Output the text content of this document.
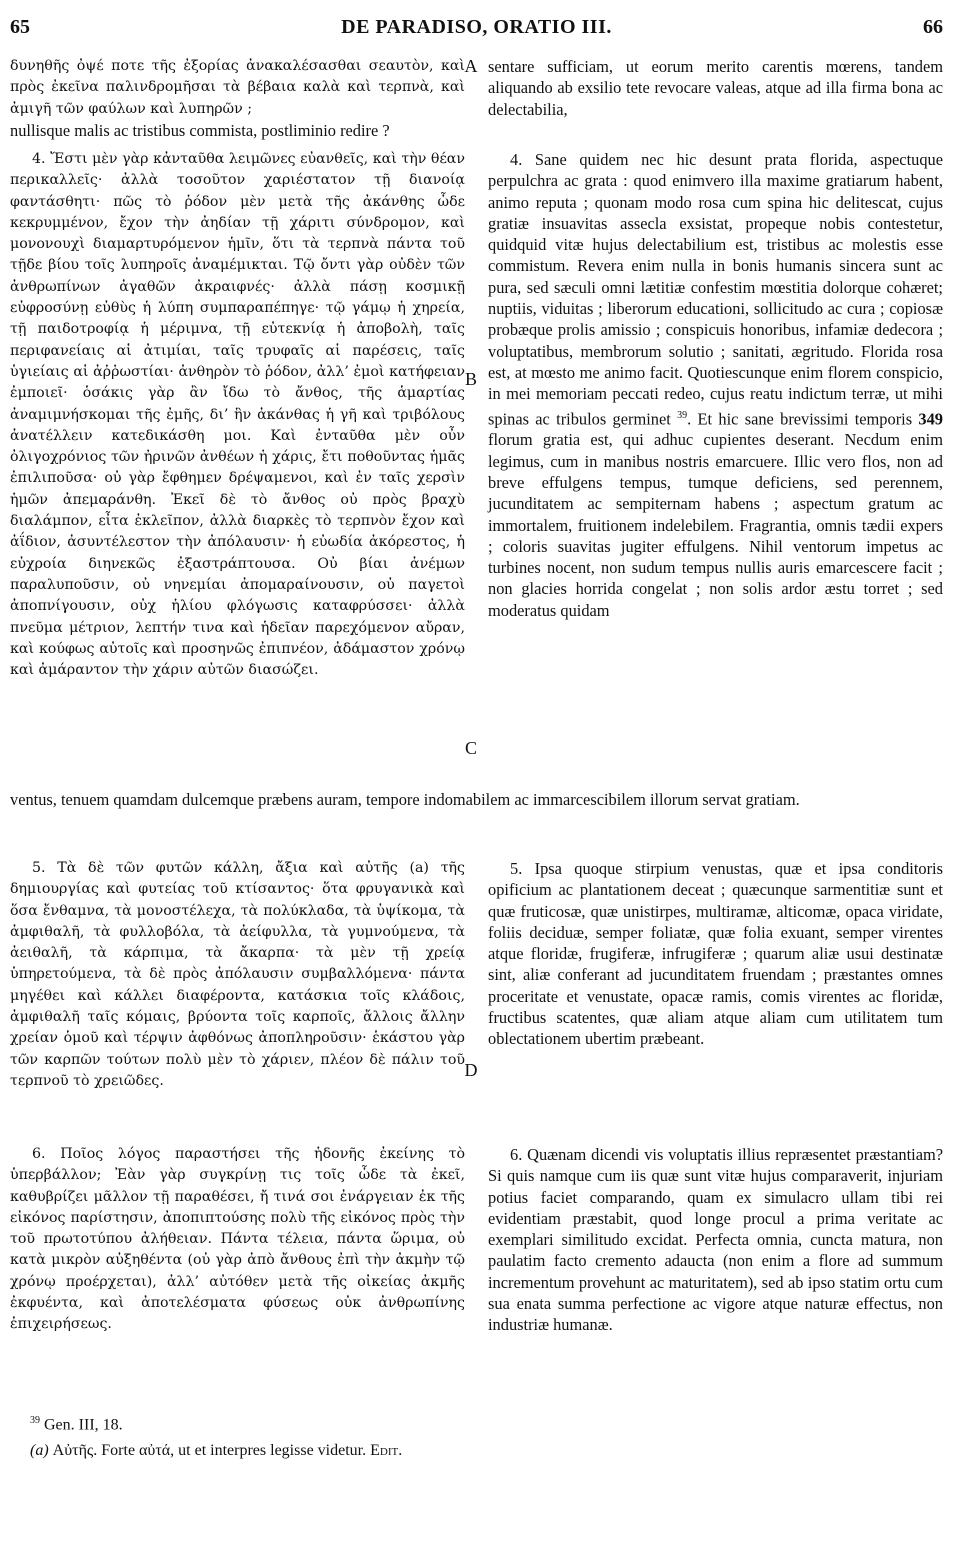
65	DE PARADISO, ORATIO III.	66

δυνηθῆς ὀψέ ποτε τῆς ἐξορίας ἀνακαλέσασθαι σεαυτὸν, καὶ πρὸς ἐκεῖνα παλινδρομῆσαι τὰ βέβαια καλὰ καὶ τερπνὰ, καὶ ἀμιγῆ τῶν φαύλων καὶ λυπηρῶν ;

sentare sufficiam, ut eorum merito carentis mœrens, tandem aliquando ab exsilio tete revocare valeas, atque ad illa firma bona ac delectabilia,

nullisque malis ac tristibus commista, postliminio redire ?

A

4. Ἔστι μὲν γὰρ κἀνταῦθα λειμῶνες εὐανθεῖς, καὶ τὴν θέαν περικαλλεῖς· ἀλλὰ τοσοῦτον χαριέστατον τῇ διανοίᾳ φαντάσθητι· πῶς τὸ ῥόδον μὲν μετὰ τῆς ἀκάνθης ὧδε κεκρυμμένον, ἔχον τὴν ἀηδίαν τῇ χάριτι σύνδρομον, καὶ μονονουχὶ διαμαρτυρόμενον ἡμῖν, ὅτι τὰ τερπνὰ πάντα τοῦ τῇδε βίου τοῖς λυπηροῖς ἀναμέμικται. Τῷ ὄντι γὰρ οὐδὲν τῶν ἀνθρωπίνων ἀγαθῶν ἀκραιφνές· ἀλλὰ πάσῃ κοσμικῇ εὐφροσύνῃ εὐθὺς ἡ λύπη συμπαραπέπηγε· τῷ γάμῳ ἡ χηρεία, τῇ παιδοτροφίᾳ ἡ μέριμνα, τῇ εὐτεκνίᾳ ἡ ἀποβολὴ, ταῖς περιφανείαις αἱ ἀτιμίαι, ταῖς τρυφαῖς αἱ παρέσεις, ταῖς ὑγιείαις αἱ ἀῤῥωστίαι· ἀνθηρὸν τὸ ῥόδον, ἀλλ’ ἐμοὶ κατήφειαν ἐμποιεῖ· ὁσάκις γὰρ ἂν ἴδω τὸ ἄνθος, τῆς ἁμαρτίας ἀναμιμνήσκομαι τῆς ἐμῆς, δι’ ἣν ἀκάνθας ἡ γῆ καὶ τριβόλους ἀνατέλλειν κατεδικάσθη μοι. Καὶ ἐνταῦθα μὲν οὖν ὀλιγοχρόνιος τῶν ἠρινῶν ἀνθέων ἡ χάρις, ἔτι ποθοῦντας ἡμᾶς ἐπιλιποῦσα· οὐ γὰρ ἔφθημεν δρέψαμενοι, καὶ ἐν ταῖς χερσὶν ἡμῶν ἀπεμαράνθη. Ἐκεῖ δὲ τὸ ἄνθος οὐ πρὸς βραχὺ διαλάμπον, εἶτα ἐκλεῖπον, ἀλλὰ διαρκὲς τὸ τερπνὸν ἔχον καὶ ἀΐδιον, ἀσυντέλεστον τὴν ἀπόλαυσιν· ἡ εὐωδία ἀκόρεστος, ἡ εὐχροία διηνεκῶς ἐξαστράπτουσα. Οὐ βίαι ἀνέμων παραλυποῦσιν, οὐ νηνεμίαι ἀπομαραίνουσιν, οὐ παγετοὶ ἀποπνίγουσιν, οὐχ ἡλίου φλόγωσις καταφρύσσει· ἀλλὰ πνεῦμα μέτριον, λεπτήν τινα καὶ ἡδεῖαν παρεχόμενον αὔραν, καὶ κούφως αὐτοῖς καὶ προσηνῶς ἐπιπνέον, ἀδάμαστον χρόνῳ καὶ ἀμάραντον τὴν χάριν αὐτῶν διασώζει.

4. Sane quidem nec hic desunt prata florida, aspectuque perpulchra ac grata : quod enimvero illa maxime gratiarum habent, animo reputa ; quonam modo rosa cum spina hic delitescat, cujus gratiæ insuavitas assecla exsistat, propeque nobis contestetur, quidquid vitæ hujus delectabilium est, tristibus ac molestis esse commistum. Revera enim nulla in bonis humanis sincera sunt ac pura, sed sæculi omni lætitiæ confestim mœstitia dolorque cohæret; nuptiis, viduitas ; liberorum educationi, sollicitudo ac cura ; copiosæ probæque prolis amissio ; conspicuis honoribus, infamiæ dedecora ; voluptatibus, membrorum solutio ; sanitati, ægritudo. Florida rosa est, at mœsto me animo facit. Quotiescunque enim florem conspicio, in mei memoriam peccati redeo, cujus reatu indictum terræ, ut mihi spinas ac tribulos germinet $^{39}$. Et hic sane brevissimi temporis 349 florum gratia est, qui adhuc cupientes deserant. Necdum enim legimus, cum in manibus nostris emarcuere. Illic vero flos, non ad breve effulgens tempus, tumque deficiens, sed perennem, jucunditatem ac sempiternam habens ; aspectum gratum ac immortalem, fruitionem indelebilem. Fragrantia, omnis tædii expers ; coloris suavitas jugiter effulgens. Nihil ventorum impetus ac turbines nocent, non sudum tempus nullis auris emarcescere facit ; non glacies horrida congelat ; non solis ardor æstu torret ; sed moderatus quidam

ventus, tenuem quamdam dulcemque præbens auram, tempore indomabilem ac immarcescibilem illorum servat gratiam.

B
C

5. Τὰ δὲ τῶν φυτῶν κάλλη, ἄξια καὶ αὐτῆς (a) τῆς δημιουργίας καὶ φυτείας τοῦ κτίσαντος· ὅτα φρυγανικὰ καὶ ὅσα ἔνθαμνα, τὰ μονοστέλεχα, τὰ πολύκλαδα, τὰ ὑψίκομα, τὰ ἀμφιθαλῆ, τὰ φυλλοβόλα, τὰ ἀείφυλλα, τὰ γυμνούμενα, τὰ ἀειθαλῆ, τὰ κάρπιμα, τὰ ἄκαρπα· τὰ μὲν τῇ χρείᾳ ὑπηρετούμενα, τὰ δὲ πρὸς ἀπόλαυσιν συμβαλλόμενα· πάντα μηγέθει καὶ κάλλει διαφέροντα, κατάσκια τοῖς κλάδοις, ἀμφιθαλῆ ταῖς κόμαις, βρύοντα τοῖς καρποῖς, ἄλλοις ἄλλην χρείαν ὁμοῦ καὶ τέρψιν ἀφθόνως ἀποπληροῦσιν· ἑκάστου γὰρ τῶν καρπῶν τούτων πολὺ μὲν τὸ χάριεν, πλέον δὲ πάλιν τοῦ τερπνοῦ τὸ χρειῶδες.

5. Ipsa quoque stirpium venustas, quæ et ipsa conditoris opificium ac plantationem deceat ; quæcunque sarmentitiæ sunt et quæ fruticosæ, quæ unistirpes, multiramæ, alticomæ, opaca viridate, foliis deciduæ, semper foliatæ, quæ folia exuant, semper virentes atque floridæ, frugiferæ, infrugiferæ ; quarum aliæ usui destinatæ sint, aliæ conferant ad jucunditatem fruendam ; præstantes omnes proceritate et venustate, opacæ ramis, comis virentes ac floridæ, fructibus scatentes, quæ aliam atque aliam cum utilitatem tum oblectationem ubertim præbeant.

D

6. Ποῖος λόγος παραστήσει τῆς ἡδονῆς ἐκείνης τὸ ὑπερβάλλον; Ἐὰν γὰρ συγκρίνῃ τις τοῖς ὧδε τὰ ἐκεῖ, καθυβρίζει μᾶλλον τῇ παραθέσει, ἤ τινά σοι ἐνάργειαν ἐκ τῆς εἰκόνος παρίστησιν, ἀποπιπτούσης πολὺ τῆς εἰκόνος πρὸς τὴν τοῦ πρωτοτύπου ἀλήθειαν. Πάντα τέλεια, πάντα ὥριμα, οὐ κατὰ μικρὸν αὐξηθέντα (οὐ γὰρ ἀπὸ ἄνθους ἐπὶ τὴν ἀκμὴν τῷ χρόνῳ προέρχεται), ἀλλ’ αὐτόθεν μετὰ τῆς οἰκείας ἀκμῆς ἐκφυέντα, καὶ ἀποτελέσματα φύσεως οὐκ ἀνθρωπίνης ἐπιχειρήσεως.

6. Quænam dicendi vis voluptatis illius repræsentet præstantiam? Si quis namque cum iis quæ sunt vitæ hujus comparaverit, injuriam potius faciet comparando, quam ex simulacro ullam tibi rei evidentiam præstabit, quod longe procul a prima veritate ac exemplari similitudo excidat. Perfecta omnia, cuncta matura, non paulatim facto cremento adaucta (non enim a flore ad summum incrementum provehunt ac maturitatem), sed ab ipso statim ortu cum sua enata summa perfectione ac vigore atque naturæ effectus, non industriæ humanæ.

$^{39}$ Gen. III, 18.

(a) Αὐτῆς. Forte αὐτά, ut et interpres legisse videtur. Edit.
